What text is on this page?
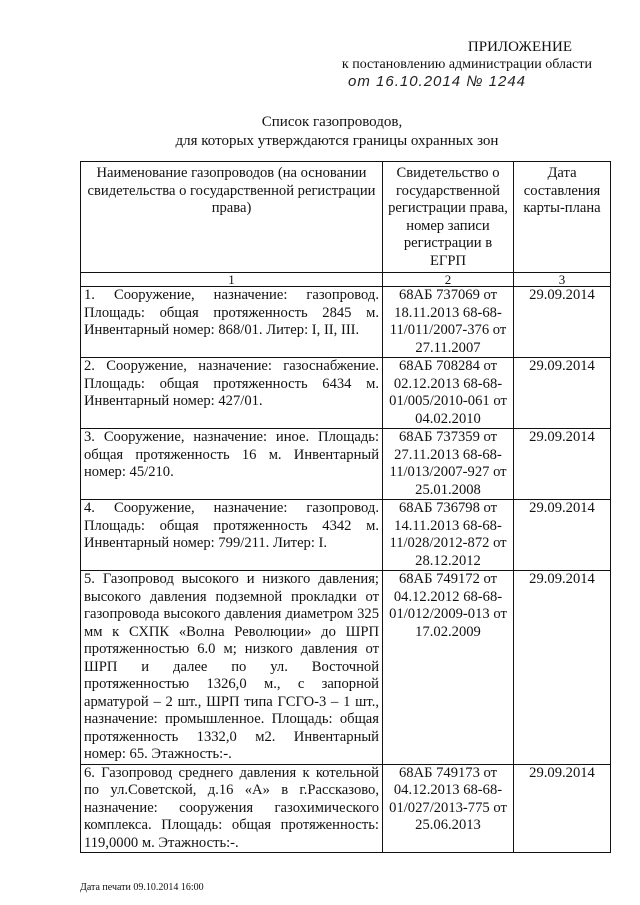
ПРИЛОЖЕНИЕ
к постановлению администрации области
от 16.10.2014 № 1244
Список газопроводов,
для которых утверждаются границы охранных зон
Наименование газопроводов (на основании свидетельства о государственной регистрации права)	Свидетельство о государственной регистрации права, номер записи регистрации в ЕГРП	Дата составления карты-плана
1	2	3
1. Сооружение, назначение: газопровод. Площадь: общая протяженность 2845 м. Инвентарный номер: 868/01. Литер: I, II, III.	68АБ 737069 от 18.11.2013 68-68-11/011/2007-376 от 27.11.2007	29.09.2014
2. Сооружение, назначение: газоснабжение. Площадь: общая протяженность 6434 м. Инвентарный номер: 427/01.	68АБ 708284 от 02.12.2013 68-68-01/005/2010-061 от 04.02.2010	29.09.2014
3. Сооружение, назначение: иное. Площадь: общая протяженность 16 м. Инвентарный номер: 45/210.	68АБ 737359 от 27.11.2013 68-68-11/013/2007-927 от 25.01.2008	29.09.2014
4. Сооружение, назначение: газопровод. Площадь: общая протяженность 4342 м. Инвентарный номер: 799/211. Литер: I.	68АБ 736798 от 14.11.2013 68-68-11/028/2012-872 от 28.12.2012	29.09.2014
5. Газопровод высокого и низкого давления; высокого давления подземной прокладки от газопровода высокого давления диаметром 325 мм к СХПК «Волна Революции» до ШРП протяженностью 6.0 м; низкого давления от ШРП и далее по ул. Восточной протяженностью 1326,0 м., с запорной арматурой – 2 шт., ШРП типа ГСГО-3 – 1 шт., назначение: промышленное. Площадь: общая протяженность 1332,0 м2. Инвентарный номер: 65. Этажность:-.	68АБ 749172 от 04.12.2012 68-68-01/012/2009-013 от 17.02.2009	29.09.2014
6. Газопровод среднего давления к котельной по ул.Советской, д.16 «А» в г.Рассказово, назначение: сооружения газохимического комплекса. Площадь: общая протяженность: 119,0000 м. Этажность:-.	68АБ 749173 от 04.12.2013 68-68-01/027/2013-775 от 25.06.2013	29.09.2014
Дата печати 09.10.2014 16:00
